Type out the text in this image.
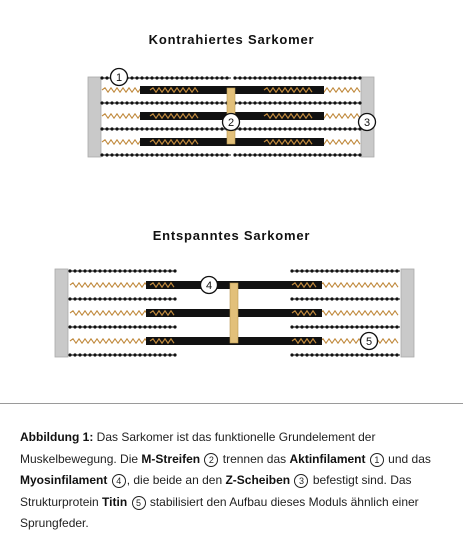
Kontrahiertes Sarkomer
1
2	3
Entspanntes Sarkomer
4
5
Abbildung 1: Das Sarkomer ist das funktionelle Grundelement der Muskelbewegung. Die M-Streifen 2 trennen das Aktinfilament 1 und das Myosinfilament 4 , die beide an den Z-Scheiben 3 befestigt sind. Das Strukturprotein Titin 5 stabilisiert den Aufbau dieses Moduls ähnlich einer Sprungfeder.
